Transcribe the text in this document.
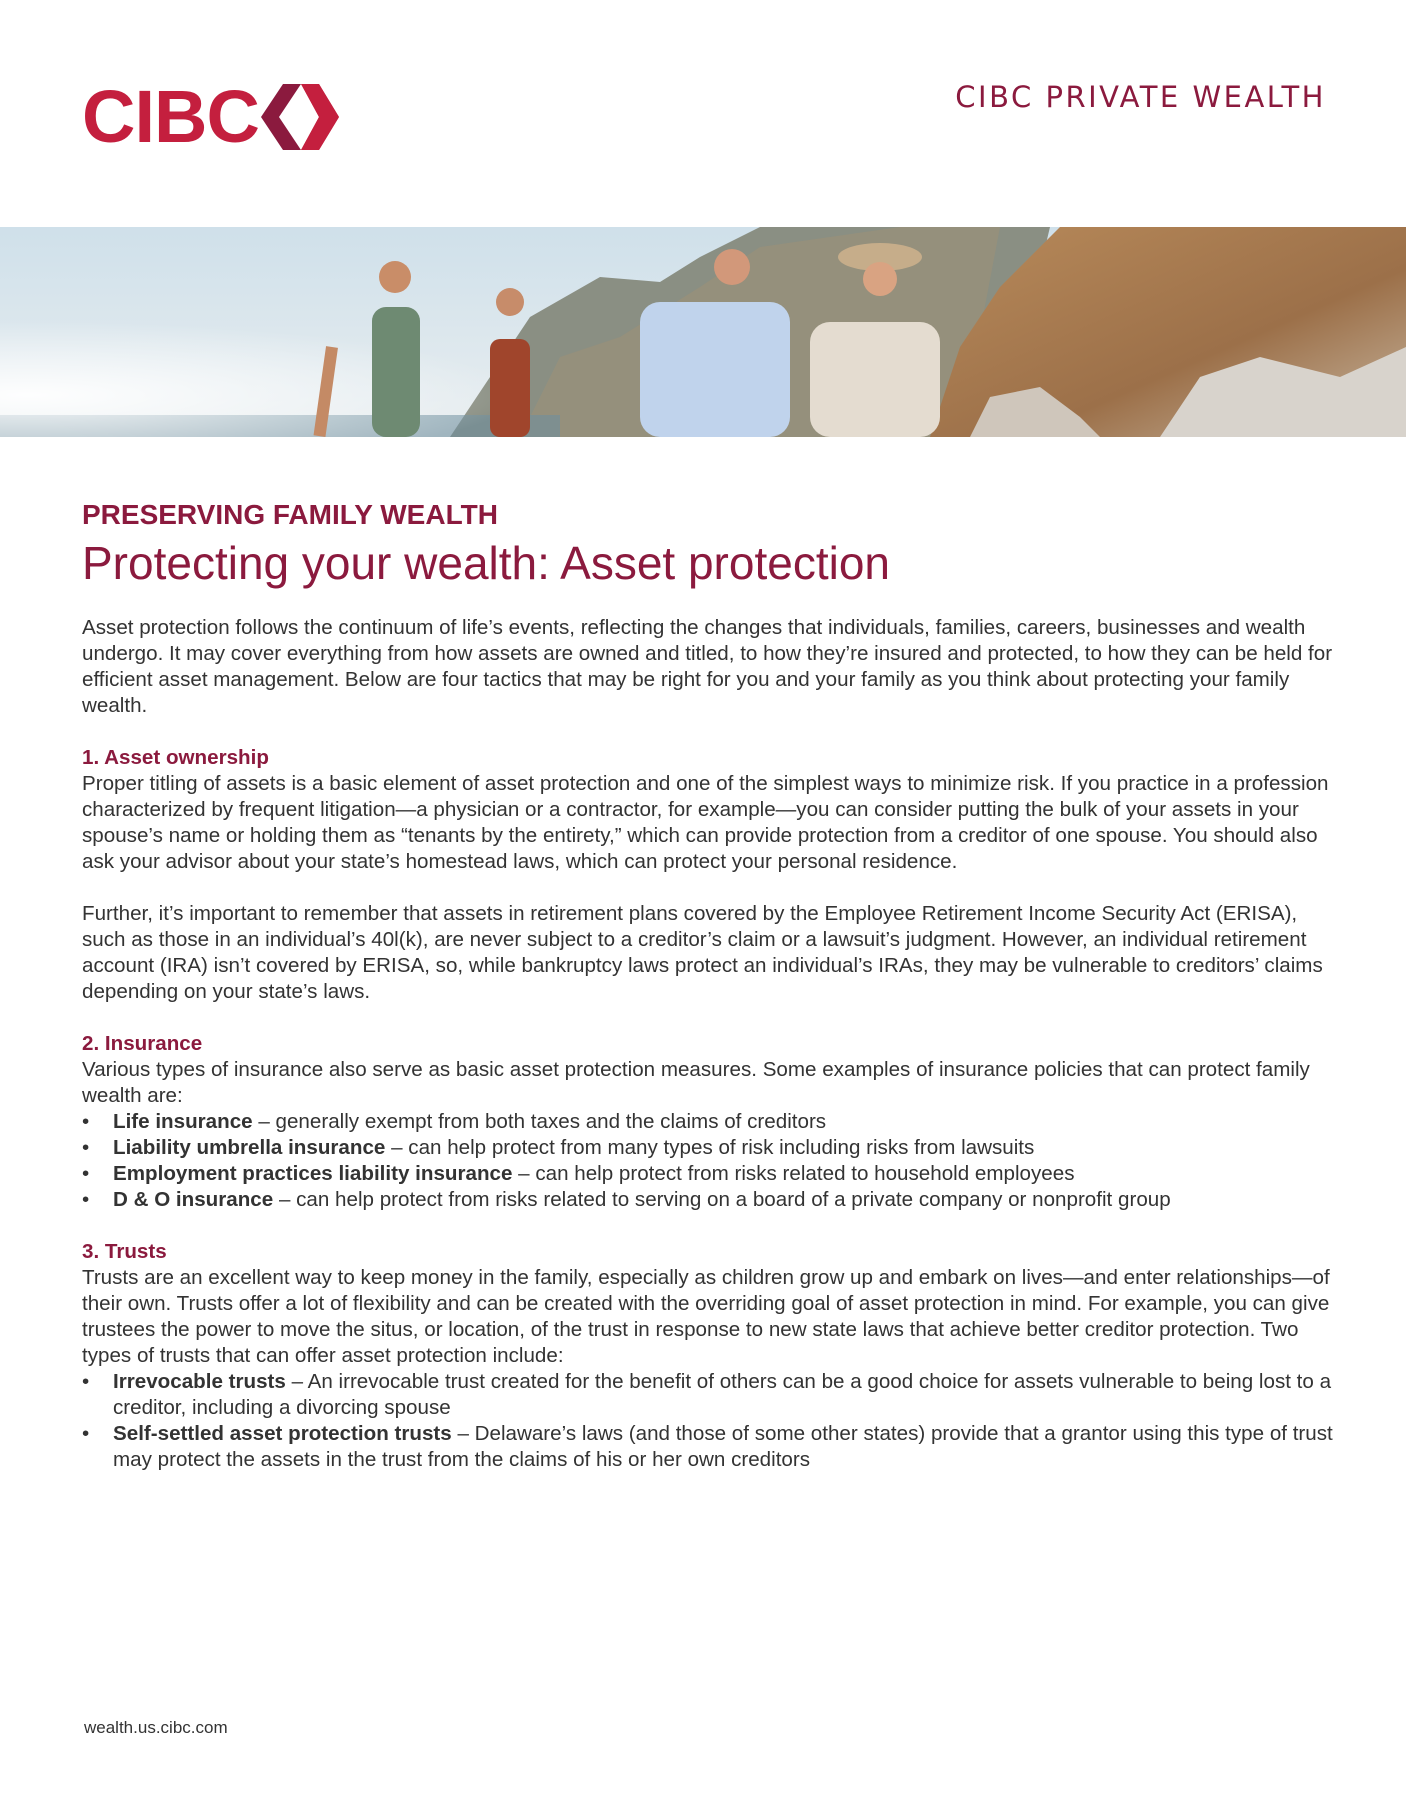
CIBC	CIBC PRIVATE WEALTH
PRESERVING FAMILY WEALTH
Protecting your wealth: Asset protection

Asset protection follows the continuum of life’s events, reflecting the changes that individuals, families, careers, businesses and wealth undergo. It may cover everything from how assets are owned and titled, to how they’re insured and protected, to how they can be held for efficient asset management. Below are four tactics that may be right for you and your family as you think about protecting your family wealth.

1. Asset ownership

Proper titling of assets is a basic element of asset protection and one of the simplest ways to minimize risk. If you practice in a profession characterized by frequent litigation—a physician or a contractor, for example—you can consider putting the bulk of your assets in your spouse’s name or holding them as “tenants by the entirety,” which can provide protection from a creditor of one spouse. You should also ask your advisor about your state’s homestead laws, which can protect your personal residence.

Further, it’s important to remember that assets in retirement plans covered by the Employee Retirement Income Security Act (ERISA), such as those in an individual’s 40l(k), are never subject to a creditor’s claim or a lawsuit’s judgment. However, an individual retirement account (IRA) isn’t covered by ERISA, so, while bankruptcy laws protect an individual’s IRAs, they may be vulnerable to creditors’ claims depending on your state’s laws.

2. Insurance

Various types of insurance also serve as basic asset protection measures. Some examples of insurance policies that can protect family wealth are:

• Life insurance – generally exempt from both taxes and the claims of creditors
• Liability umbrella insurance – can help protect from many types of risk including risks from lawsuits
• Employment practices liability insurance – can help protect from risks related to household employees
• D & O insurance – can help protect from risks related to serving on a board of a private company or nonprofit group
3. Trusts

Trusts are an excellent way to keep money in the family, especially as children grow up and embark on lives—and enter relationships—of their own. Trusts offer a lot of flexibility and can be created with the overriding goal of asset protection in mind. For example, you can give trustees the power to move the situs, or location, of the trust in response to new state laws that achieve better creditor protection. Two types of trusts that can offer asset protection include:

• Irrevocable trusts – An irrevocable trust created for the benefit of others can be a good choice for assets vulnerable to being lost to a creditor, including a divorcing spouse
• Self-settled asset protection trusts – Delaware’s laws (and those of some other states) provide that a grantor using this type of trust may protect the assets in the trust from the claims of his or her own creditors
wealth.us.cibc.com
